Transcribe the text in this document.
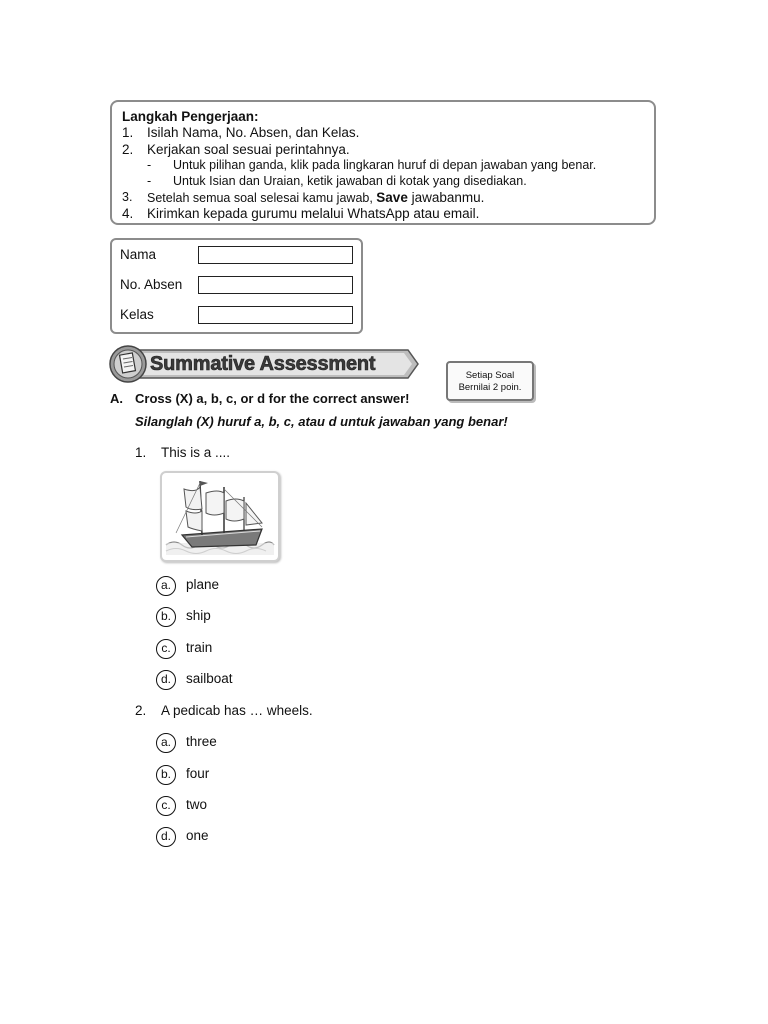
Langkah Pengerjaan:
1. Isilah Nama, No. Absen, dan Kelas.
2. Kerjakan soal sesuai perintahnya.
- Untuk pilihan ganda, klik pada lingkaran huruf di depan jawaban yang benar.
- Untuk Isian dan Uraian, ketik jawaban di kotak yang disediakan.
3. Setelah semua soal selesai kamu jawab, Save jawabanmu.
4. Kirimkan kepada gurumu melalui WhatsApp atau email.
Nama
No. Absen
Kelas
Summative Assessment
Setiap Soal
Bernilai 2 poin.
A. Cross (X) a, b, c, or d for the correct answer!
Silanglah (X) huruf a, b, c, atau d untuk jawaban yang benar!
1. This is a ....
a.	plane
b.	ship
c.	train
d.	sailboat
2. A pedicab has … wheels.
a.	three
b.	four
c.	two
d.	one
